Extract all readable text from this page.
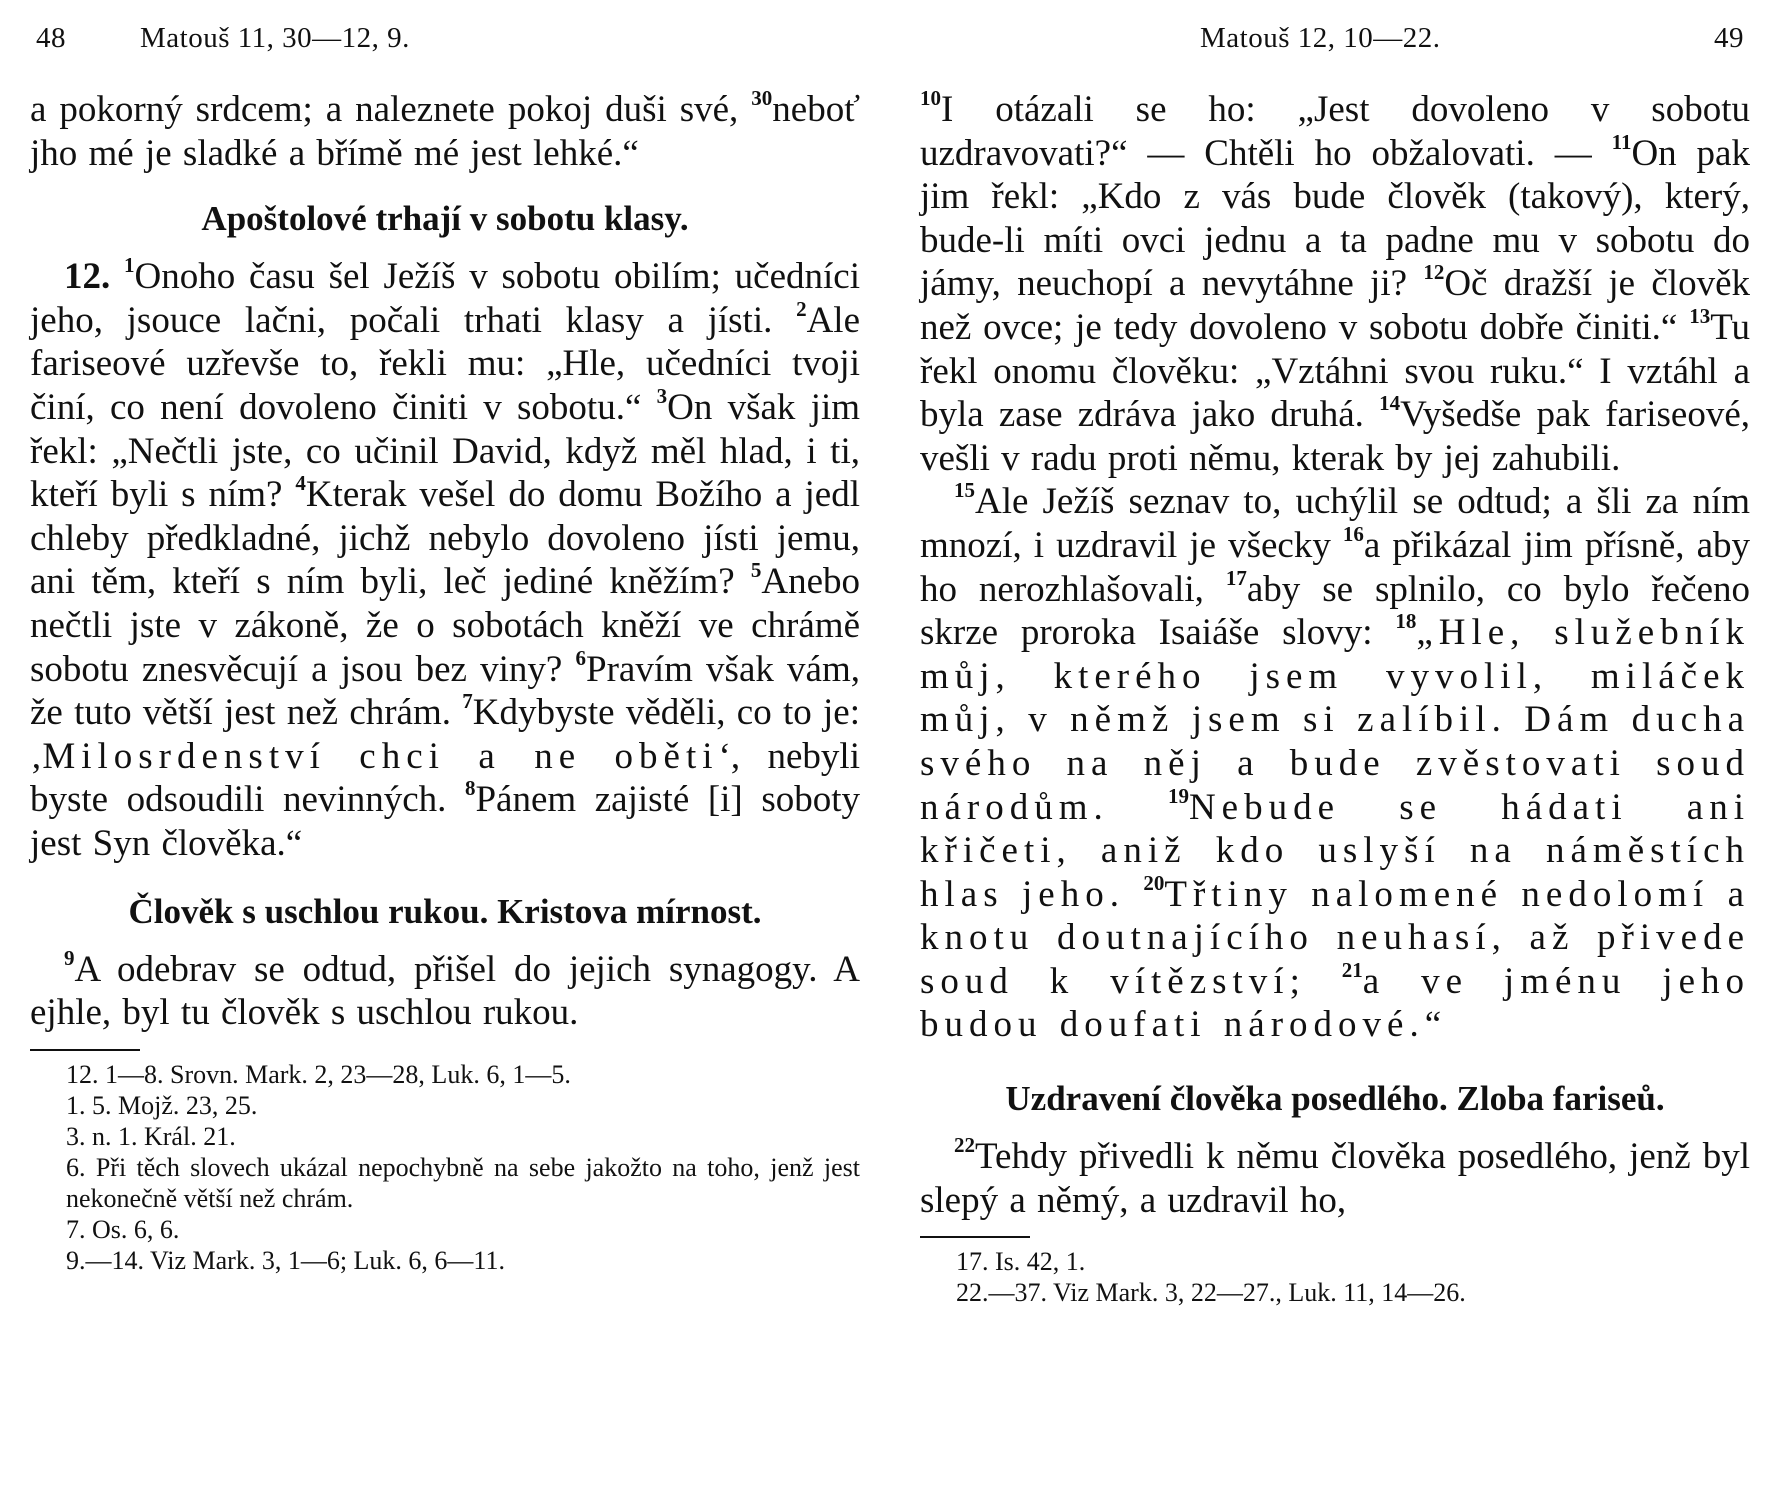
48	Matouš 11, 30—12, 9.

a pokorný srdcem; a naleznete pokoj duši své, $^{30}$neboť jho mé je sladké a břímě mé jest lehké.“

Apoštolové trhají v sobotu klasy.

12. $^1$Onoho času šel Ježíš v sobotu obilím; učedníci jeho, jsouce lačni, počali trhati klasy a jísti. $^2$Ale fariseové uzřevše to, řekli mu: „Hle, učedníci tvoji činí, co není dovoleno činiti v sobotu.“ $^3$On však jim řekl: „Nečtli jste, co učinil David, když měl hlad, i ti, kteří byli s ním? $^4$Kterak vešel do domu Božího a jedl chleby předkladné, jichž nebylo dovoleno jísti jemu, ani těm, kteří s ním byli, leč jediné kněžím? $^5$Anebo nečtli jste v zákoně, že o sobotách kněží ve chrámě sobotu znesvěcují a jsou bez viny? $^6$Pravím však vám, že tuto větší jest než chrám. $^7$Kdybyste věděli, co to je: ‚Milosrdenství chci a ne oběti‘, nebyli byste odsoudili nevinných. $^8$Pánem zajisté [i] soboty jest Syn člověka.“

Člověk s uschlou rukou. Kristova mírnost.

$^9$A odebrav se odtud, přišel do jejich synagogy. A ejhle, byl tu člověk s uschlou rukou.

12. 1—8. Srovn. Mark. 2, 23—28, Luk. 6, 1—5.

1. 5. Mojž. 23, 25.

3. n. 1. Král. 21.

6. Při těch slovech ukázal nepochybně na sebe jakožto na toho, jenž jest nekonečně větší než chrám.

7. Os. 6, 6.

9.—14. Viz Mark. 3, 1—6; Luk. 6, 6—11.

Matouš 12, 10—22.	49

$^{10}$I otázali se ho: „Jest dovoleno v sobotu uzdravovati?“ — Chtěli ho obžalovati. — $^{11}$On pak jim řekl: „Kdo z vás bude člověk (takový), který, bude-li míti ovci jednu a ta padne mu v sobotu do jámy, neuchopí a nevytáhne ji? $^{12}$Oč dražší je člověk než ovce; je tedy dovoleno v sobotu dobře činiti.“ $^{13}$Tu řekl onomu člověku: „Vztáhni svou ruku.“ I vztáhl a byla zase zdráva jako druhá. $^{14}$Vyšedše pak fariseové, vešli v radu proti němu, kterak by jej zahubili.

$^{15}$Ale Ježíš seznav to, uchýlil se odtud; a šli za ním mnozí, i uzdravil je všecky $^{16}$a přikázal jim přísně, aby ho nerozhlašovali, $^{17}$aby se splnilo, co bylo řečeno skrze proroka Isaiáše slovy: $^{18}$„Hle, služebník můj, kterého jsem vyvolil, miláček můj, v němž jsem si zalíbil. Dám ducha svého na něj a bude zvěstovati soud národům. $^{19}$Nebude se hádati ani křičeti, aniž kdo uslyší na náměstích hlas jeho. $^{20}$Třtiny nalomené nedolomí a knotu doutnajícího neuhasí, až přivede soud k vítězství; $^{21}$a ve jménu jeho budou doufati národové.“

Uzdravení člověka posedlého. Zloba fariseů.

$^{22}$Tehdy přivedli k němu člověka posedlého, jenž byl slepý a němý, a uzdravil ho,

17. Is. 42, 1.

22.—37. Viz Mark. 3, 22—27., Luk. 11, 14—26.
